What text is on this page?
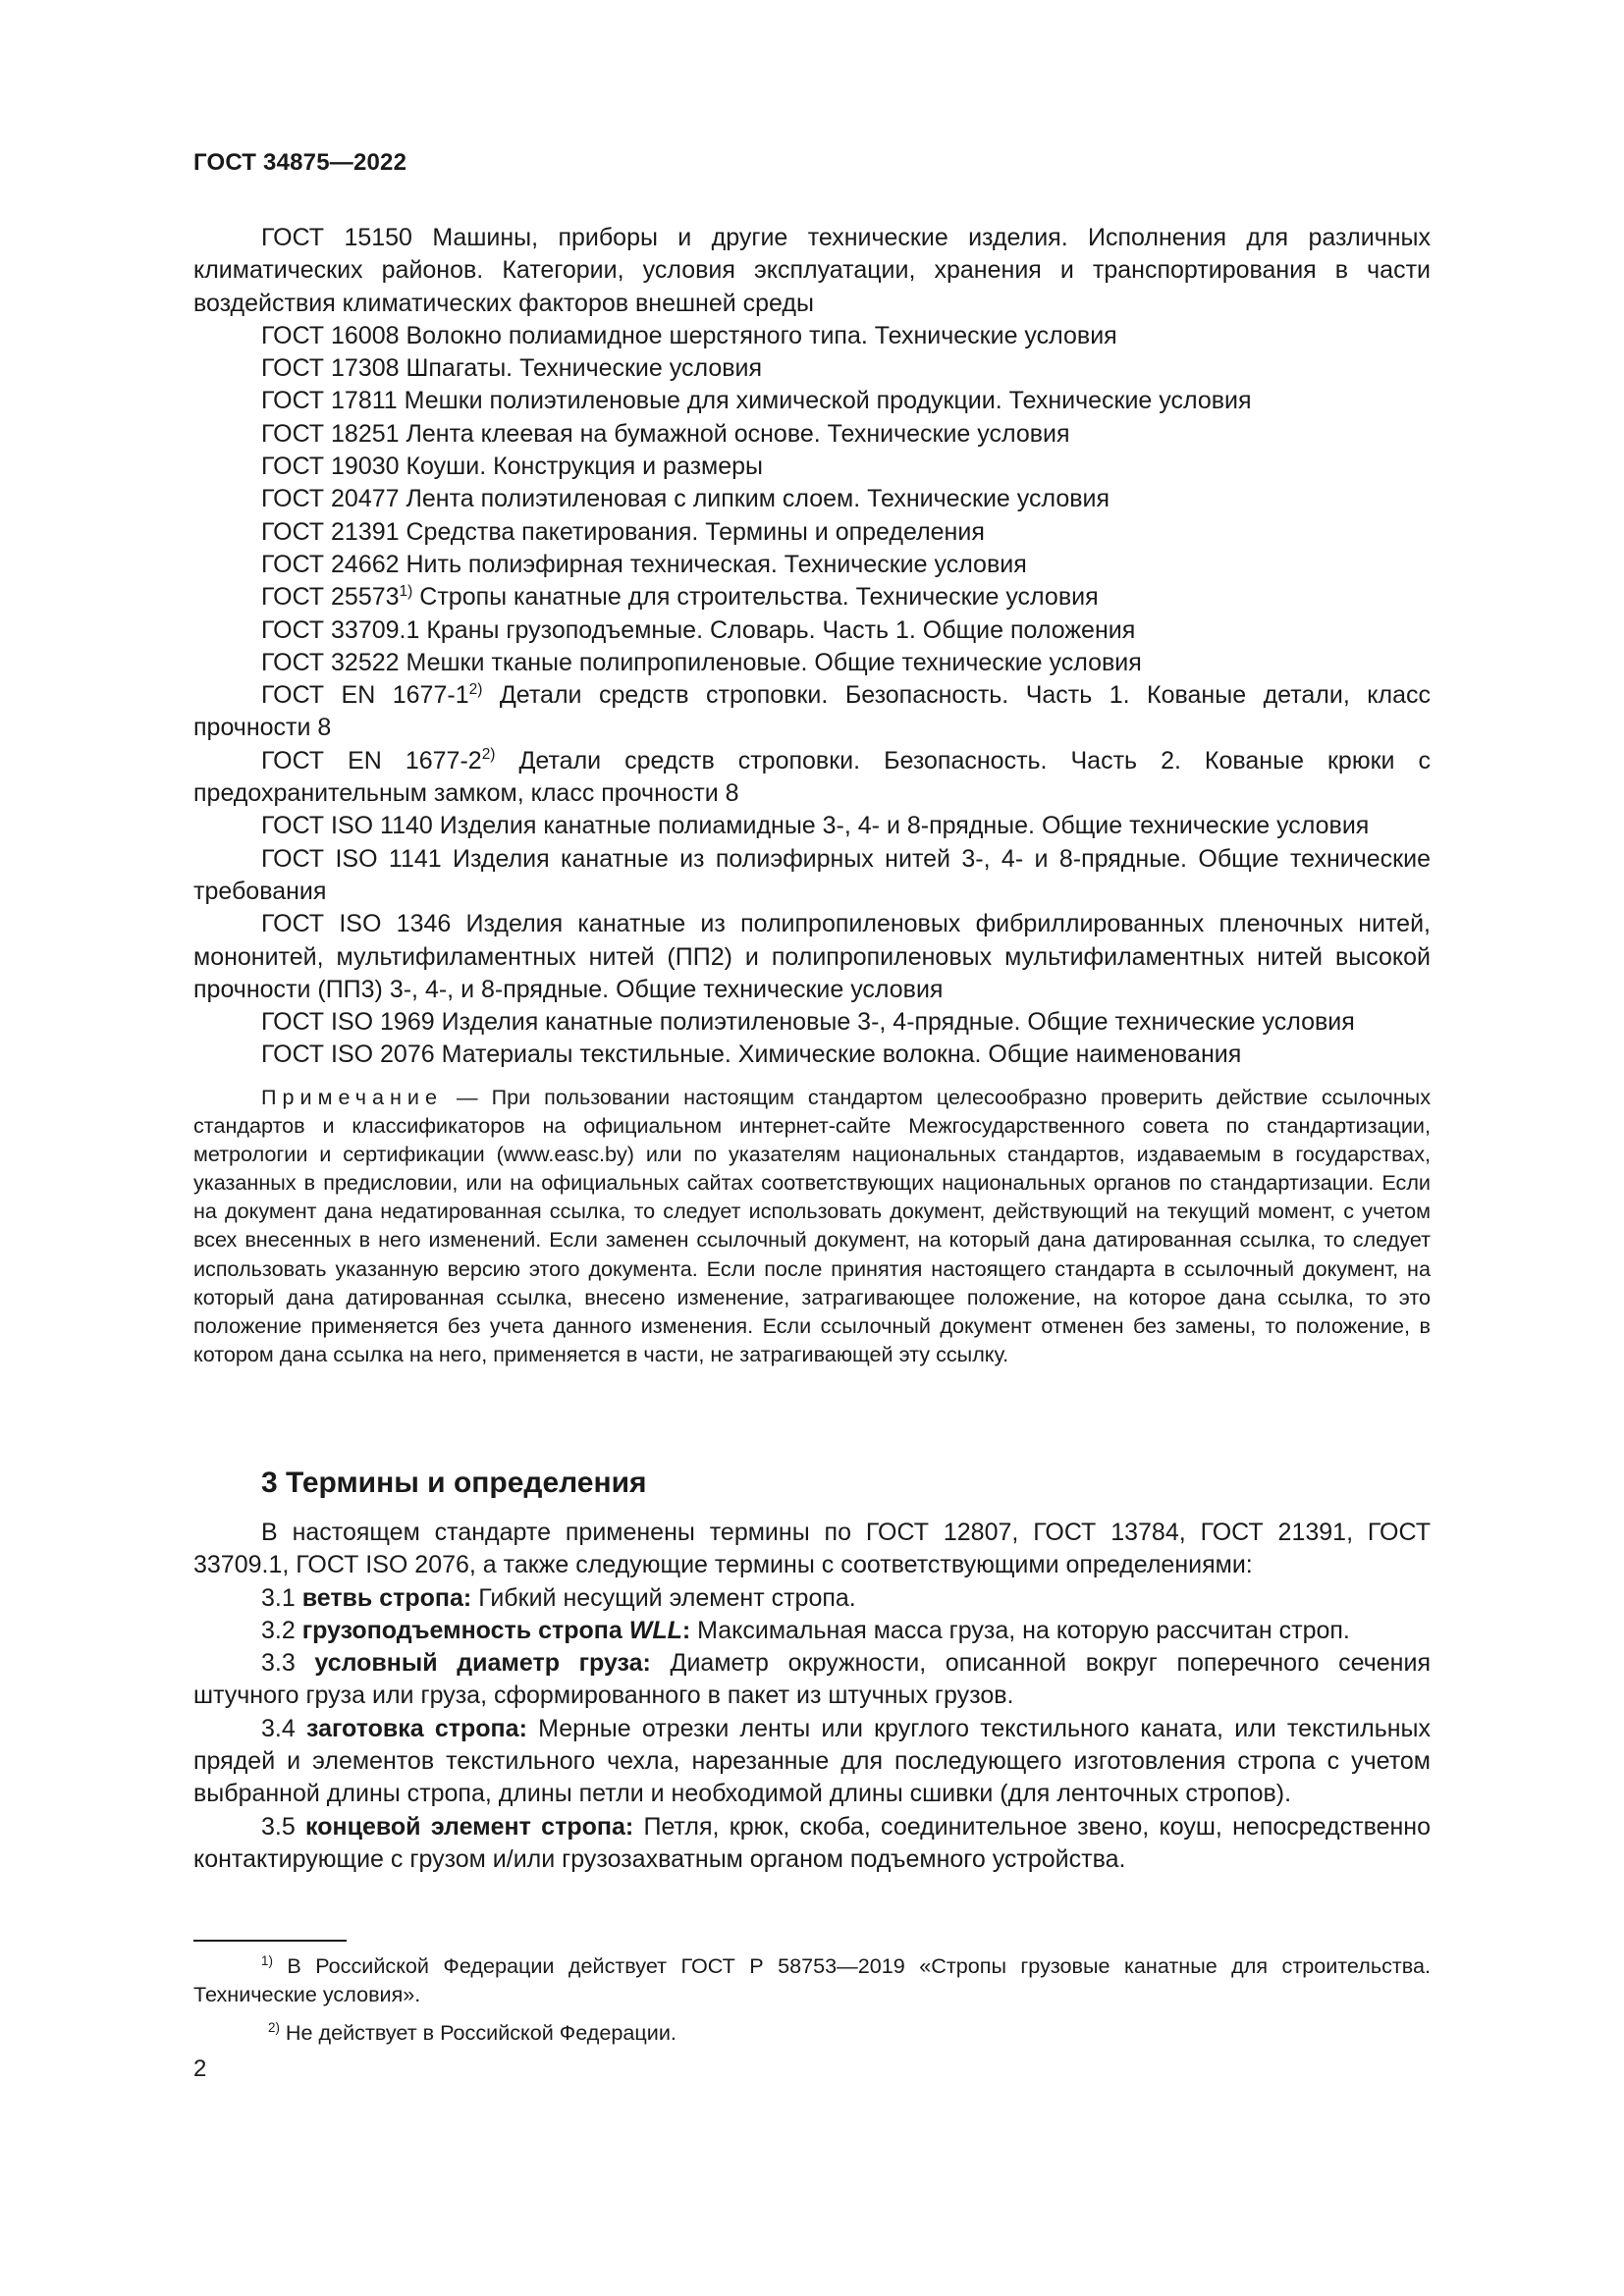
ГОСТ 34875—2022

ГОСТ 15150 Машины, приборы и другие технические изделия. Исполнения для различных климатических районов. Категории, условия эксплуатации, хранения и транспортирования в части воздействия климатических факторов внешней среды

ГОСТ 16008 Волокно полиамидное шерстяного типа. Технические условия

ГОСТ 17308 Шпагаты. Технические условия

ГОСТ 17811 Мешки полиэтиленовые для химической продукции. Технические условия

ГОСТ 18251 Лента клеевая на бумажной основе. Технические условия

ГОСТ 19030 Коуши. Конструкция и размеры

ГОСТ 20477 Лента полиэтиленовая с липким слоем. Технические условия

ГОСТ 21391 Средства пакетирования. Термины и определения

ГОСТ 24662 Нить полиэфирная техническая. Технические условия

ГОСТ 25573$^{1)}$ Стропы канатные для строительства. Технические условия

ГОСТ 33709.1 Краны грузоподъемные. Словарь. Часть 1. Общие положения

ГОСТ 32522 Мешки тканые полипропиленовые. Общие технические условия

ГОСТ EN 1677-1$^{2)}$ Детали средств строповки. Безопасность. Часть 1. Кованые детали, класс прочности 8

ГОСТ EN 1677-2$^{2)}$ Детали средств строповки. Безопасность. Часть 2. Кованые крюки с предохранительным замком, класс прочности 8

ГОСТ ISO 1140 Изделия канатные полиамидные 3-, 4- и 8-прядные. Общие технические условия

ГОСТ ISO 1141 Изделия канатные из полиэфирных нитей 3-, 4- и 8-прядные. Общие технические требования

ГОСТ ISO 1346 Изделия канатные из полипропиленовых фибриллированных пленочных нитей, мононитей, мультифиламентных нитей (ПП2) и полипропиленовых мультифиламентных нитей высокой прочности (ПП3) 3-, 4-, и 8-прядные. Общие технические условия

ГОСТ ISO 1969 Изделия канатные полиэтиленовые 3-, 4-прядные. Общие технические условия

ГОСТ ISO 2076 Материалы текстильные. Химические волокна. Общие наименования

Примечание — При пользовании настоящим стандартом целесообразно проверить действие ссылочных стандартов и классификаторов на официальном интернет-сайте Межгосударственного совета по стандартизации, метрологии и сертификации (www.easc.by) или по указателям национальных стандартов, издаваемым в государствах, указанных в предисловии, или на официальных сайтах соответствующих национальных органов по стандартизации. Если на документ дана недатированная ссылка, то следует использовать документ, действующий на текущий момент, с учетом всех внесенных в него изменений. Если заменен ссылочный документ, на который дана датированная ссылка, то следует использовать указанную версию этого документа. Если после принятия настоящего стандарта в ссылочный документ, на который дана датированная ссылка, внесено изменение, затрагивающее положение, на которое дана ссылка, то это положение применяется без учета данного изменения. Если ссылочный документ отменен без замены, то положение, в котором дана ссылка на него, применяется в части, не затрагивающей эту ссылку.

3 Термины и определения

В настоящем стандарте применены термины по ГОСТ 12807, ГОСТ 13784, ГОСТ 21391, ГОСТ 33709.1, ГОСТ ISO 2076, а также следующие термины с соответствующими определениями:

3.1 ветвь стропа: Гибкий несущий элемент стропа.

3.2 грузоподъемность стропа WLL: Максимальная масса груза, на которую рассчитан строп.

3.3 условный диаметр груза: Диаметр окружности, описанной вокруг поперечного сечения штучного груза или груза, сформированного в пакет из штучных грузов.

3.4 заготовка стропа: Мерные отрезки ленты или круглого текстильного каната, или текстильных прядей и элементов текстильного чехла, нарезанные для последующего изготовления стропа с учетом выбранной длины стропа, длины петли и необходимой длины сшивки (для ленточных стропов).

3.5 концевой элемент стропа: Петля, крюк, скоба, соединительное звено, коуш, непосредственно контактирующие с грузом и/или грузозахватным органом подъемного устройства.

$^{1)}$ В Российской Федерации действует ГОСТ Р 58753—2019 «Стропы грузовые канатные для строительства. Технические условия».

$^{2)}$ Не действует в Российской Федерации.

2
